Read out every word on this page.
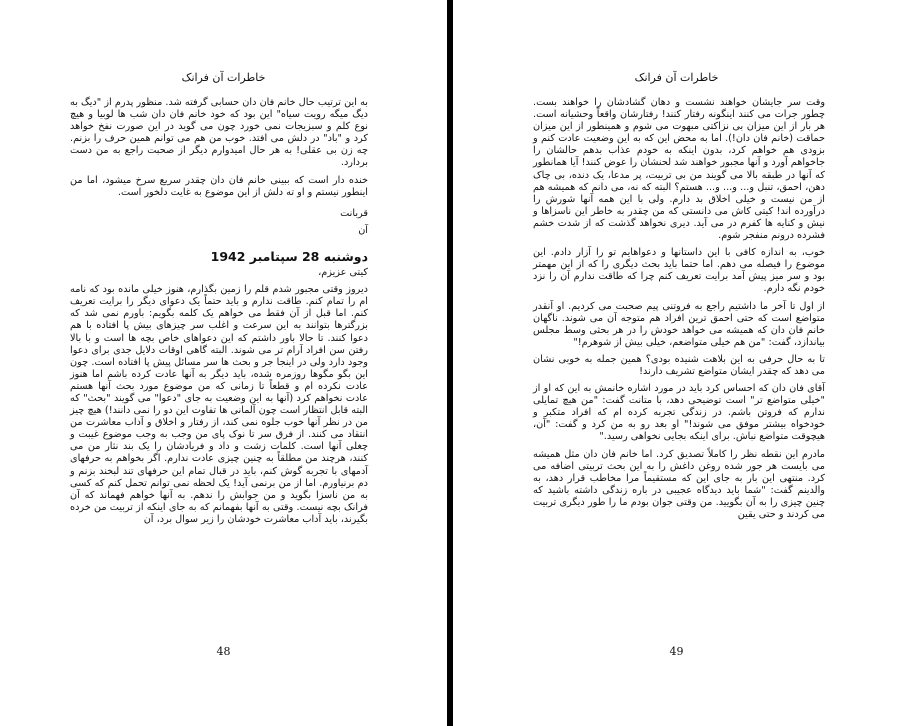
خاطرات آن فرانک

به این ترتیب حال خانم فان دان حسابی گرفته شد. منظور پدرم از "دیگ به دیگ میگه رویت سیاه" این بود که خود خانم فان دان شب ها لوبیا و هیچ نوع کلم و سبزیجات نمی خورد چون می گوید در این صورت نفخ خواهد کرد و "باد" در دلش می افتد. خوب من هم می توانم همین حرف را بزنم. چه زن بی عقلی! به هر حال امیدوارم دیگر از صحبت راجع به من دست بردارد.

خنده دار است که ببینی خانم فان دان چقدر سریع سرخ میشود، اما من اینطور نیستم و او ته دلش از این موضوع به غایت دلخور است.

قربانت

آن

دوشنبه 28 سپتامبر 1942

کیتی عزیزم،

دیروز وقتی مجبور شدم قلم را زمین بگذارم، هنوز خیلی مانده بود که نامه ام را تمام کنم. طاقت ندارم و باید حتماً یک دعوای دیگر را برایت تعریف کنم. اما قبل از آن فقط می خواهم یک کلمه بگویم: باورم نمی شد که بزرگترها بتوانند به این سرعت و اغلب سر چیزهای بیش پا افتاده با هم دعوا کنند. تا حالا باور داشتم که این دعواهای خاص بچه ها است و با بالا رفتن سن افراد آرام تر می شوند. البته گاهی اوقات دلایل جدی برای دعوا وجود دارد ولی در اینجا جر و بحث ها سر مسائل پیش پا افتاده است. چون این بگو مگوها روزمره شده، باید دیگر به آنها عادت کرده باشم اما هنوز عادت نکرده ام و قطعاً تا زمانی که من موضوع مورد بحث آنها هستم عادت نخواهم کرد (آنها به این وضعیت به جای "دعوا" می گویند "بحث" که البته قابل انتظار است چون آلمانی ها تفاوت این دو را نمی دانند!) هیچ چیز من در نظر آنها خوب جلوه نمی کند، از رفتار و اخلاق و آداب معاشرت من انتقاد می کنند. از فرق سر تا نوک پای من وجب به وجب موضوع غیبت و چغلی آنها است. کلمات زشت و داد و فریادشان را یک بند نثار من می کنند، هرچند من مطلقاً به چنین چیزی عادت ندارم. اگر بخواهم به حرفهای آدمهای با تجربه گوش کنم، باید در قبال تمام این حرفهای تند لبخند بزنم و دم برنیاورم. اما از من برنمی آید! یک لحظه نمی توانم تحمل کنم که کسی به من ناسزا بگوید و من جوابش را ندهم. به آنها خواهم فهماند که آن فرانک بچه نیست. وقتی به آنها بفهمانم که به جای اینکه از تربیت من خرده بگیرند، باید آداب معاشرت خودشان را زیر سوال برد، آن

48
خاطرات آن فرانک

وقت سر جایشان خواهند نشست و دهان گشادشان را خواهند بست. چطور جرات می کنند اینگونه رفتار کنند! رفتارشان واقعاً وحشیانه است. هر بار از این میزان بی نزاکتی مبهوت می شوم و همینطور از این میزان حماقت (خانم فان دان!). اما به محض این که به این وضعیت عادت کنم و بزودی هم خواهم کرد، بدون اینکه به خودم عذاب بدهم حالشان را جاخواهم آورد و آنها مجبور خواهند شد لحنشان را عوض کنند! آیا همانطور که آنها در طبقه بالا می گویند من بی تربیت، پر مدعا، یک دنده، بی چاک دهن، احمق، تنبل و... و... و... هستم؟ البته که نه، می دانم که همیشه هم از من نیست و خیلی اخلاق بد دارم. ولی با این همه آنها شورش را درآورده اند! کیتی کاش می دانستی که من چقدر به خاطر این ناسزاها و نیش و کنایه ها کفرم در می آید. دیری نخواهد گذشت که از شدت خشم فشرده درونم منفجر شوم.

خوب، به اندازه کافی با این داستانها و دعواهایم تو را آزار دادم. این موضوع را فیصله می دهم. اما حتما باید بحث دیگری را که از این مهمتر بود و سر میز پیش آمد برایت تعریف کنم چرا که طاقت ندارم آن را نزد خودم نگه دارم.

از اول تا آخر ما داشتیم راجع به فروتنی پیم صحبت می کردیم. او آنقدر متواضع است که حتی احمق ترین افراد هم متوجه آن می شوند. ناگهان خانم فان دان که همیشه می خواهد خودش را در هر بحثی وسط مجلس بیاندازد، گفت: "من هم خیلی متواضعم، خیلی بیش از شوهرم!"

تا به حال حرفی به این بلاهت شنیده بودی؟ همین جمله به خوبی نشان می دهد که چقدر ایشان متواضع تشریف دارند!

آقای فان دان که احساس کرد باید در مورد اشاره خانمش به این که او از "خیلی متواضع تر" است توضیحی دهد، با متانت گفت: "من هیچ تمایلی ندارم که فروتن باشم. در زندگی تجربه کرده ام که افراد متکبر و خودخواه بیشتر موفق می شوند!" او بعد رو به من کرد و گفت: "آن، هیچوقت متواضع نباش. برای اینکه بجایی نخواهی رسید."

مادرم این نقطه نظر را کاملاً تصدیق کرد. اما خانم فان دان مثل همیشه می بایست هر جور شده روغن داغش را به این بحث تربیتی اضافه می کرد. منتهی این بار به جای این که مستقیماً مرا مخاطب قرار دهد، به والدینم گفت: "شما باید دیدگاه عجیبی در باره زندگی داشته باشید که چنین چیزی را به آن بگویید. من وقتی جوان بودم ما را طور دیگری تربیت می کردند و حتی یقین

49
